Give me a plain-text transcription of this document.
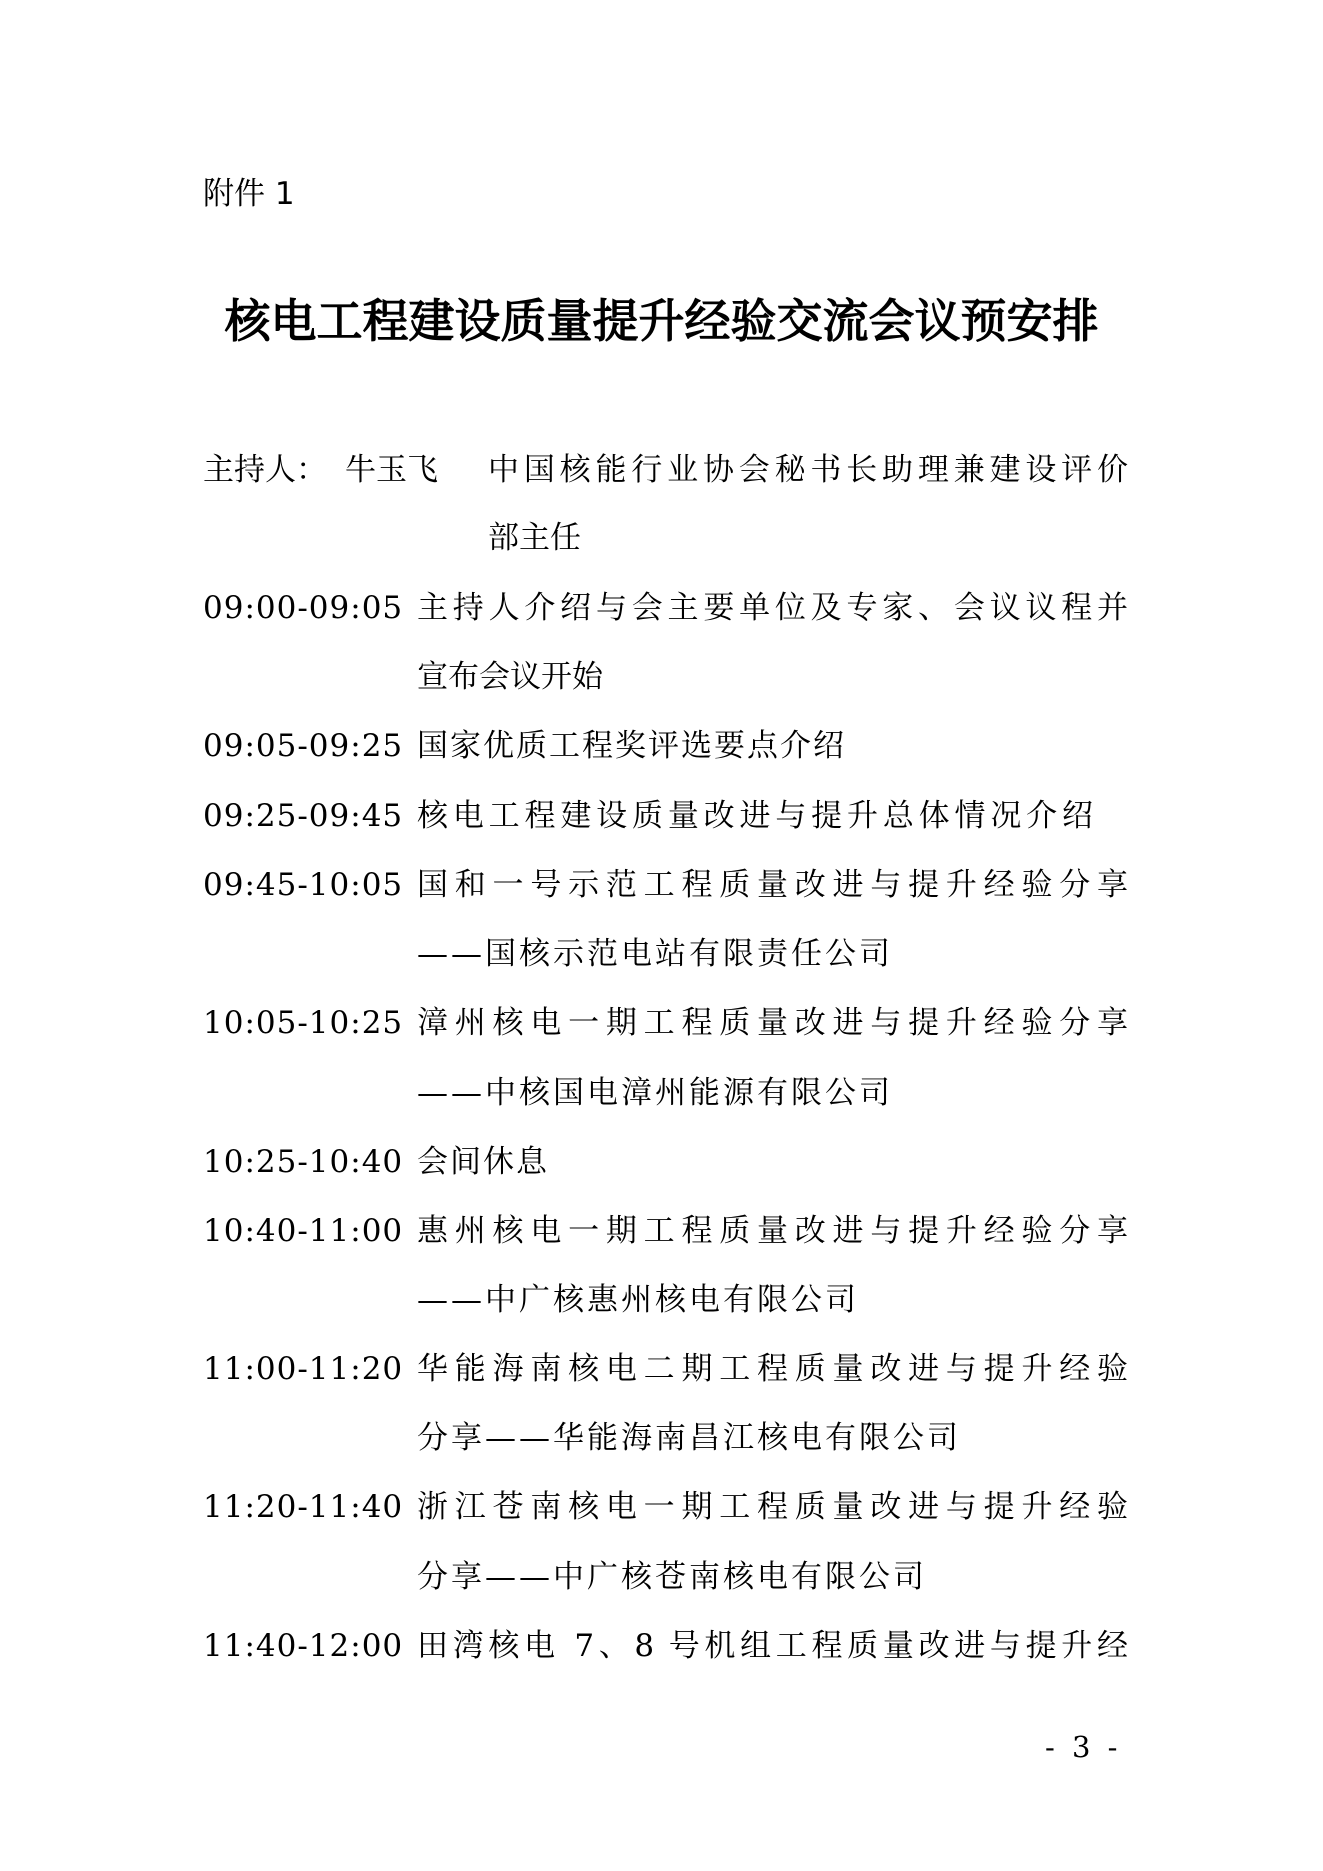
附件 1
核电工程建设质量提升经验交流会议预安排
主持人： 牛玉飞 中国核能行业协会秘书长助理兼建设评价
部主任
09:00-09:05 主持人介绍与会主要单位及专家、会议议程并
宣布会议开始
09:05-09:25 国家优质工程奖评选要点介绍
09:25-09:45 核电工程建设质量改进与提升总体情况介绍
09:45-10:05 国和一号示范工程质量改进与提升经验分享
——国核示范电站有限责任公司
10:05-10:25 漳州核电一期工程质量改进与提升经验分享
——中核国电漳州能源有限公司
10:25-10:40 会间休息
10:40-11:00 惠州核电一期工程质量改进与提升经验分享
——中广核惠州核电有限公司
11:00-11:20 华能海南核电二期工程质量改进与提升经验
分享——华能海南昌江核电有限公司
11:20-11:40 浙江苍南核电一期工程质量改进与提升经验
分享——中广核苍南核电有限公司
11:40-12:00 田湾核电 7、8 号机组工程质量改进与提升经
- 3 -
